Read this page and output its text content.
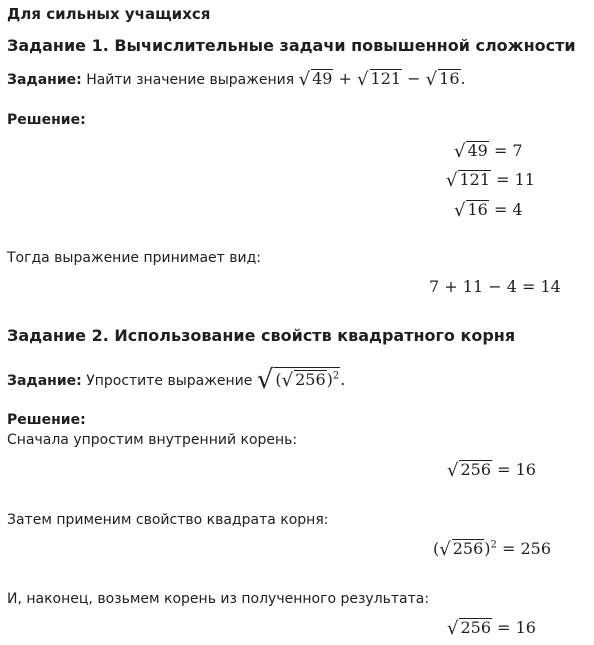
Для сильных учащихся
Задание 1. Вычислительные задачи повышенной сложности
Задание: Найти значение выражения √ 49 + √ 121 − √ 16.
Решение:
√ 49 = 7
√ 121 = 11
√ 16 = 4
Тогда выражение принимает вид:
7 + 11 − 4 = 14
Задание 2. Использование свойств квадратного корня
Задание: Упростите выражение √ (√ 256)$^2$.
Решение:
Сначала упростим внутренний корень:
√ 256 = 16
Затем применим свойство квадрата корня:
(√ 256)$^2$ = 256
И, наконец, возьмем корень из полученного результата:
√ 256 = 16
